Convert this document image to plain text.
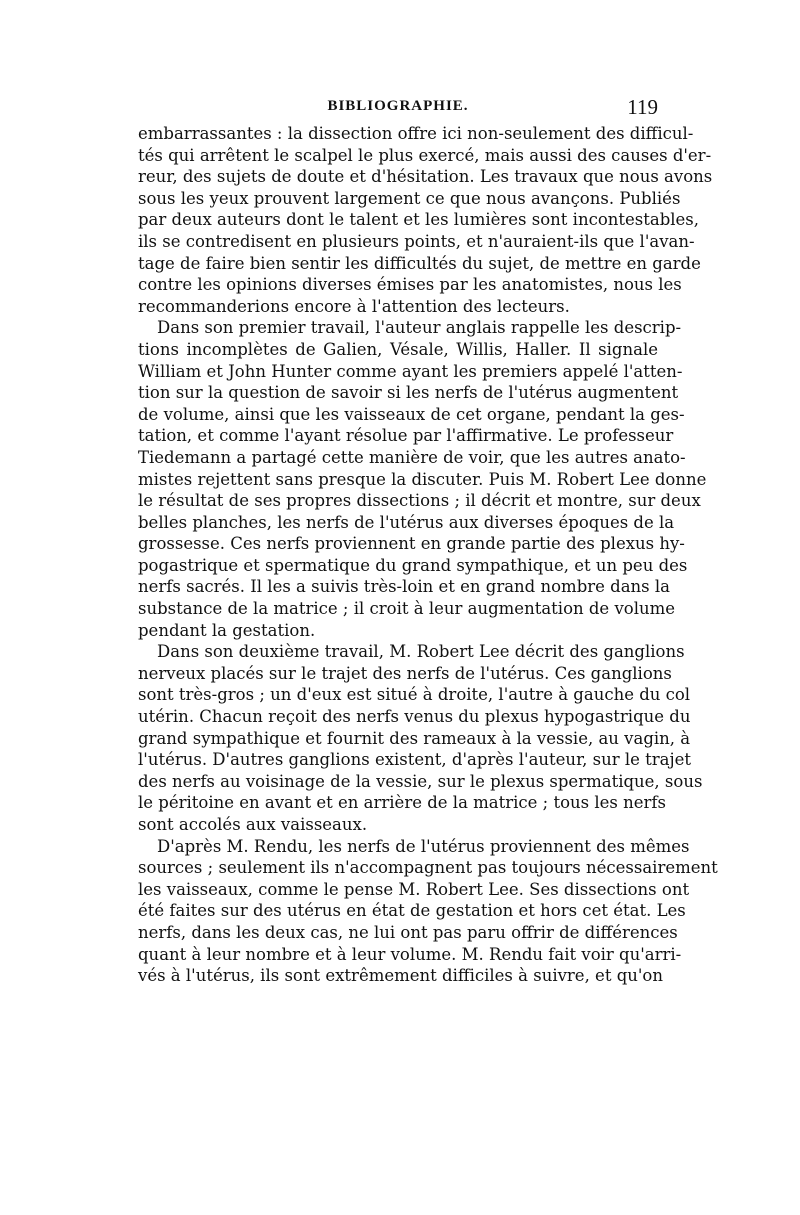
BIBLIOGRAPHIE.	119
embarrassantes : la dissection offre ici non-seulement des difficul-
tés qui arrêtent le scalpel le plus exercé, mais aussi des causes d'er-
reur, des sujets de doute et d'hésitation. Les travaux que nous avons
sous les yeux prouvent largement ce que nous avançons. Publiés
par deux auteurs dont le talent et les lumières sont incontestables,
ils se contredisent en plusieurs points, et n'auraient-ils que l'avan-
tage de faire bien sentir les difficultés du sujet, de mettre en garde
contre les opinions diverses émises par les anatomistes, nous les
recommanderions encore à l'attention des lecteurs.
Dans son premier travail, l'auteur anglais rappelle les descrip-
tions incomplètes de Galien, Vésale, Willis, Haller. Il signale
William et John Hunter comme ayant les premiers appelé l'atten-
tion sur la question de savoir si les nerfs de l'utérus augmentent
de volume, ainsi que les vaisseaux de cet organe, pendant la ges-
tation, et comme l'ayant résolue par l'affirmative. Le professeur
Tiedemann a partagé cette manière de voir, que les autres anato-
mistes rejettent sans presque la discuter. Puis M. Robert Lee donne
le résultat de ses propres dissections ; il décrit et montre, sur deux
belles planches, les nerfs de l'utérus aux diverses époques de la
grossesse. Ces nerfs proviennent en grande partie des plexus hy-
pogastrique et spermatique du grand sympathique, et un peu des
nerfs sacrés. Il les a suivis très-loin et en grand nombre dans la
substance de la matrice ; il croit à leur augmentation de volume
pendant la gestation.
Dans son deuxième travail, M. Robert Lee décrit des ganglions
nerveux placés sur le trajet des nerfs de l'utérus. Ces ganglions
sont très-gros ; un d'eux est situé à droite, l'autre à gauche du col
utérin. Chacun reçoit des nerfs venus du plexus hypogastrique du
grand sympathique et fournit des rameaux à la vessie, au vagin, à
l'utérus. D'autres ganglions existent, d'après l'auteur, sur le trajet
des nerfs au voisinage de la vessie, sur le plexus spermatique, sous
le péritoine en avant et en arrière de la matrice ; tous les nerfs
sont accolés aux vaisseaux.
D'après M. Rendu, les nerfs de l'utérus proviennent des mêmes
sources ; seulement ils n'accompagnent pas toujours nécessairement
les vaisseaux, comme le pense M. Robert Lee. Ses dissections ont
été faites sur des utérus en état de gestation et hors cet état. Les
nerfs, dans les deux cas, ne lui ont pas paru offrir de différences
quant à leur nombre et à leur volume. M. Rendu fait voir qu'arri-
vés à l'utérus, ils sont extrêmement difficiles à suivre, et qu'on
